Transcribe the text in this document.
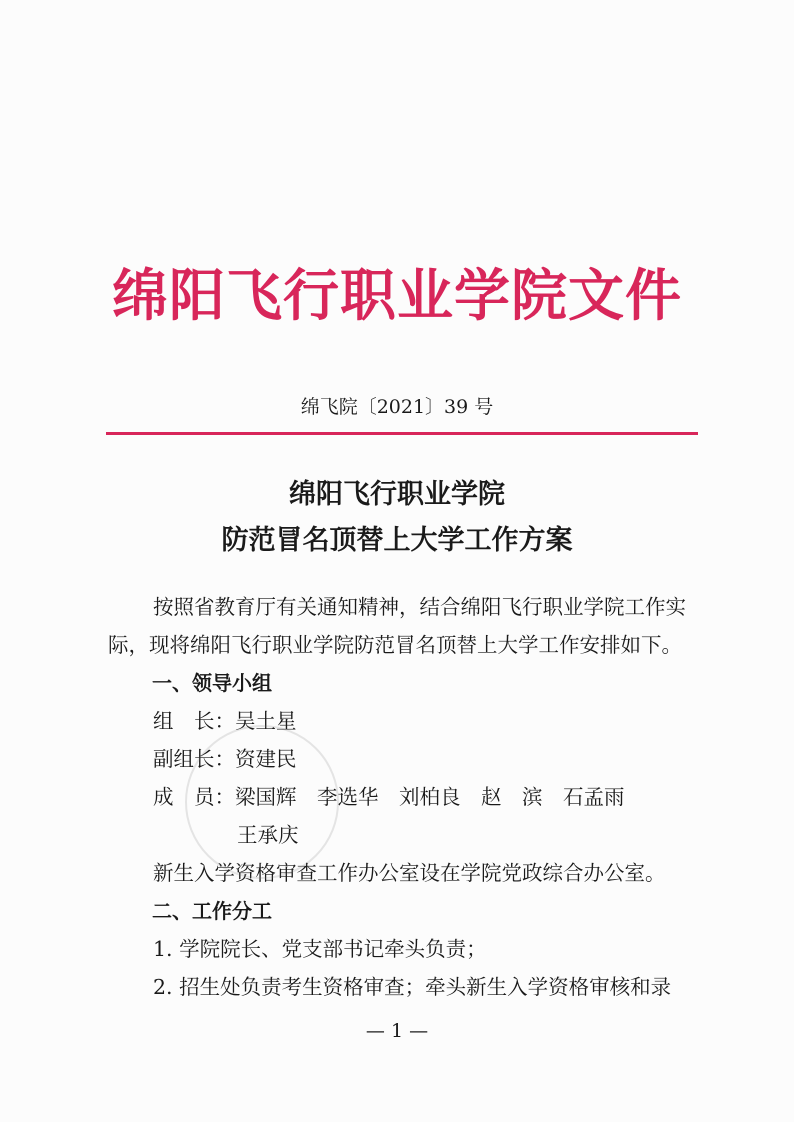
绵阳飞行职业学院文件
绵飞院〔2021〕39 号
绵阳飞行职业学院
防范冒名顶替上大学工作方案
按照省教育厅有关通知精神，结合绵阳飞行职业学院工作实
际，现将绵阳飞行职业学院防范冒名顶替上大学工作安排如下。
一、领导小组
组　长：吴土星
副组长：资建民
成　员：梁国辉　李选华　刘柏良　赵　滨　石孟雨
王承庆
新生入学资格审查工作办公室设在学院党政综合办公室。
二、工作分工
1. 学院院长、党支部书记牵头负责；
2. 招生处负责考生资格审查；牵头新生入学资格审核和录
— 1 —
